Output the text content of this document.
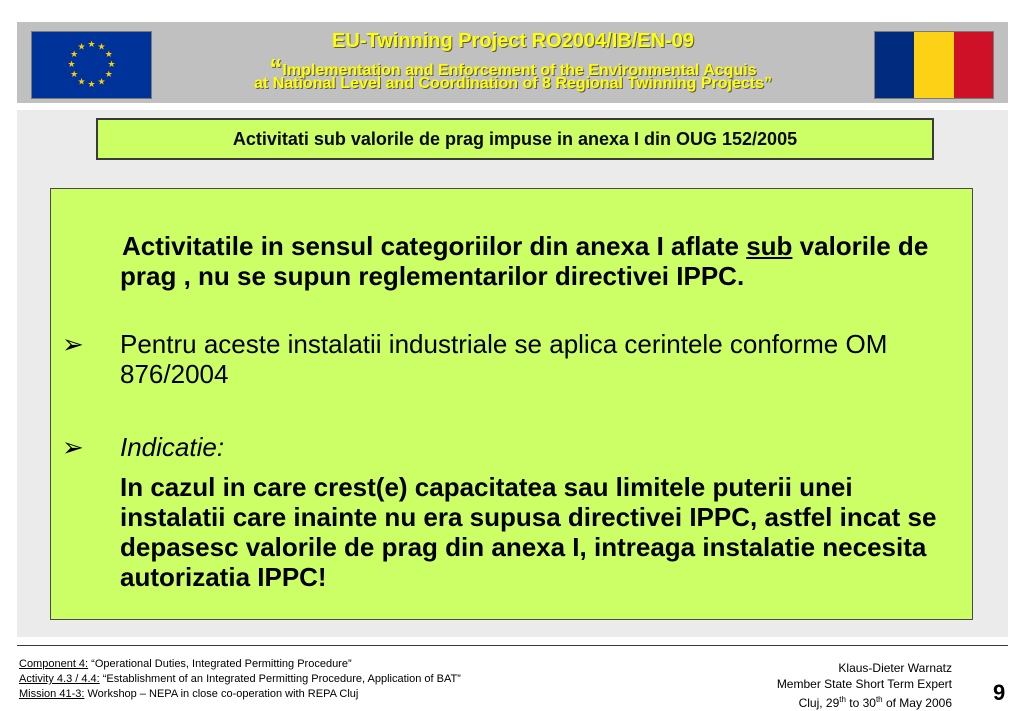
★ ★
★
★
★
★
★
★
★
★
★
★	EU-Twinning Project RO2004/IB/EN-09
“Implementation and Enforcement of the Environmental Acquis
at National Level and Coordination of 8 Regional Twinning Projects”
Activitati sub valorile de prag impuse in anexa I din OUG 152/2005
Activitatile in sensul categoriilor din anexa I aflate sub valorile de prag , nu se supun reglementarilor directivei IPPC.
➢ Pentru aceste instalatii industriale se aplica cerintele conforme OM 876/2004
➢ Indicatie:
In cazul in care crest(e) capacitatea sau limitele puterii unei instalatii care inainte nu era supusa directivei IPPC, astfel incat se depasesc valorile de prag din anexa I, intreaga instalatie necesita autorizatia IPPC!
Component 4: “Operational Duties, Integrated Permitting Procedure”
Activity 4.3 / 4.4: “Establishment of an Integrated Permitting Procedure, Application of BAT”
Mission 41-3: Workshop – NEPA in close co-operation with REPA Cluj
Klaus-Dieter Warnatz
Member State Short Term Expert
Cluj, 29th to 30th of May 2006 9
